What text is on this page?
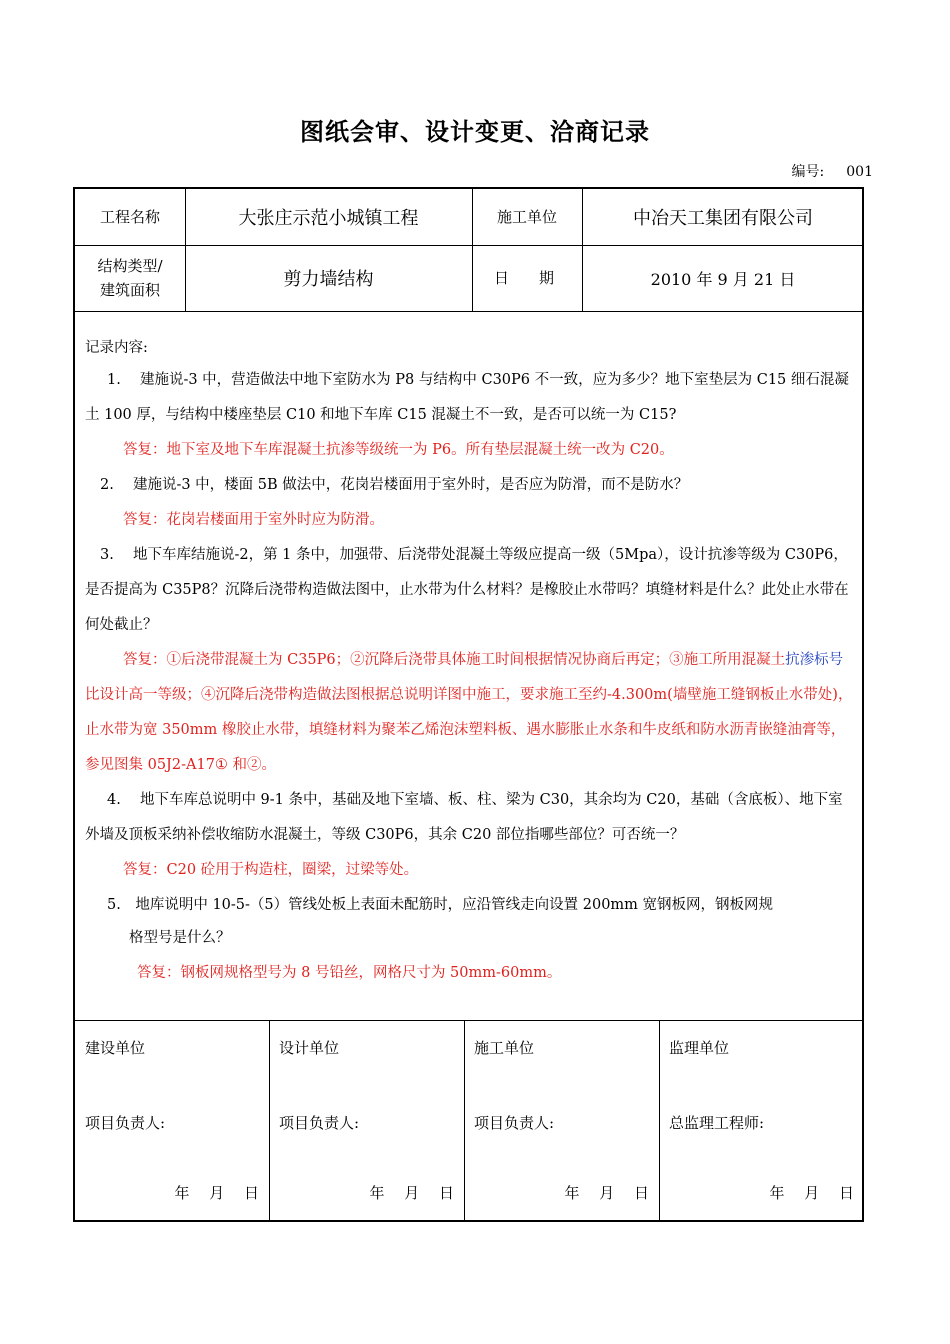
图纸会审、设计变更、洽商记录
编号: 001
工程名称	大张庄示范小城镇工程	施工单位	中冶天工集团有限公司
结构类型/
建筑面积	剪力墙结构	日　　期	2010 年 9 月 21 日

记录内容:

1.　 建施说-3 中，营造做法中地下室防水为 P8 与结构中 C30P6 不一致，应为多少？地下室垫层为 C15 细石混凝土 100 厚，与结构中楼座垫层 C10 和地下车库 C15 混凝土不一致，是否可以统一为 C15?

答复：地下室及地下车库混凝土抗渗等级统一为 P6。所有垫层混凝土统一改为 C20。

2.　 建施说-3 中，楼面 5B 做法中，花岗岩楼面用于室外时，是否应为防滑，而不是防水？

答复：花岗岩楼面用于室外时应为防滑。

3.　 地下车库结施说-2，第 1 条中，加强带、后浇带处混凝土等级应提高一级（5Mpa），设计抗渗等级为 C30P6，是否提高为 C35P8？沉降后浇带构造做法图中，止水带为什么材料？是橡胶止水带吗？填缝材料是什么？此处止水带在何处截止？

答复：①后浇带混凝土为 C35P6；②沉降后浇带具体施工时间根据情况协商后再定；③施工所用混凝土抗渗标号比设计高一等级；④沉降后浇带构造做法图根据总说明详图中施工，要求施工至约-4.300m(墙壁施工缝钢板止水带处)，止水带为宽 350mm 橡胶止水带，填缝材料为聚苯乙烯泡沫塑料板、遇水膨胀止水条和牛皮纸和防水沥青嵌缝油膏等，参见图集 05J2-A17① 和②。

4.　 地下车库总说明中 9-1 条中，基础及地下室墙、板、柱、梁为 C30，其余均为 C20，基础（含底板）、地下室外墙及顶板采纳补偿收缩防水混凝土，等级 C30P6，其余 C20 部位指哪些部位？可否统一？

答复：C20 砼用于构造柱，圈梁，过梁等处。

5.　地库说明中 10-5-（5）管线处板上表面未配筋时，应沿管线走向设置 200mm 宽钢板网，钢板网规

格型号是什么？

答复：钢板网规格型号为 8 号铅丝，网格尺寸为 50mm-60mm。

建设单位
项目负责人:
年　 月　 日
设计单位
项目负责人:
年　 月　 日
施工单位
项目负责人:
年　 月　 日
监理单位
总监理工程师:
年　 月　 日
